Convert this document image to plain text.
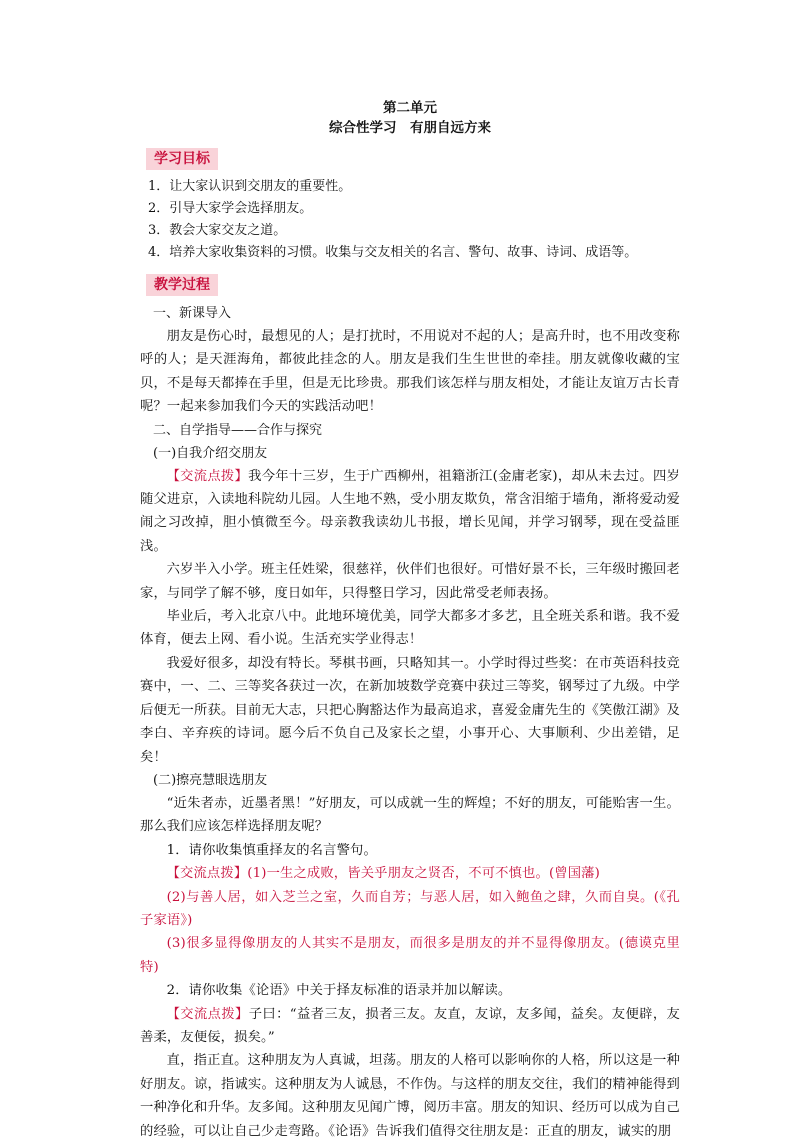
第二单元

综合性学习　有朋自远方来

学习目标

1．让大家认识到交朋友的重要性。

2．引导大家学会选择朋友。

3．教会大家交友之道。

4．培养大家收集资料的习惯。收集与交友相关的名言、警句、故事、诗词、成语等。

教学过程

一、新课导入

朋友是伤心时，最想见的人；是打扰时，不用说对不起的人；是高升时，也不用改变称呼的人；是天涯海角，都彼此挂念的人。朋友是我们生生世世的牵挂。朋友就像收藏的宝贝，不是每天都捧在手里，但是无比珍贵。那我们该怎样与朋友相处，才能让友谊万古长青呢？一起来参加我们今天的实践活动吧！

二、自学指导——合作与探究

(一)自我介绍交朋友

【交流点拨】我今年十三岁，生于广西柳州，祖籍浙江(金庸老家)，却从未去过。四岁随父进京，入读地科院幼儿园。人生地不熟，受小朋友欺负，常含泪缩于墙角，渐将爱动爱闹之习改掉，胆小慎微至今。母亲教我读幼儿书报，增长见闻，并学习钢琴，现在受益匪浅。

六岁半入小学。班主任姓梁，很慈祥，伙伴们也很好。可惜好景不长，三年级时搬回老家，与同学了解不够，度日如年，只得整日学习，因此常受老师表扬。

毕业后，考入北京八中。此地环境优美，同学大都多才多艺，且全班关系和谐。我不爱体育，便去上网、看小说。生活充实学业得志！

我爱好很多，却没有特长。琴棋书画，只略知其一。小学时得过些奖：在市英语科技竞赛中，一、二、三等奖各获过一次，在新加坡数学竞赛中获过三等奖，钢琴过了九级。中学后便无一所获。目前无大志，只把心胸豁达作为最高追求，喜爱金庸先生的《笑傲江湖》及李白、辛弃疾的诗词。愿今后不负自己及家长之望，小事开心、大事顺利、少出差错，足矣！

(二)擦亮慧眼选朋友

“近朱者赤，近墨者黑！”好朋友，可以成就一生的辉煌；不好的朋友，可能贻害一生。那么我们应该怎样选择朋友呢？

1．请你收集慎重择友的名言警句。

【交流点拨】(1)一生之成败，皆关乎朋友之贤否，不可不慎也。(曾国藩)

(2)与善人居，如入芝兰之室，久而自芳；与恶人居，如入鲍鱼之肆，久而自臭。(《孔子家语》)

(3)很多显得像朋友的人其实不是朋友，而很多是朋友的并不显得像朋友。(德谟克里特)

2．请你收集《论语》中关于择友标准的语录并加以解读。

【交流点拨】子曰：“益者三友，损者三友。友直，友谅，友多闻，益矣。友便辟，友善柔，友便佞，损矣。”

直，指正直。这种朋友为人真诚，坦荡。朋友的人格可以影响你的人格，所以这是一种好朋友。谅，指诚实。这种朋友为人诚恳，不作伪。与这样的朋友交往，我们的精神能得到一种净化和升华。友多闻。这种朋友见闻广博，阅历丰富。朋友的知识、经历可以成为自己的经验，可以让自己少走弯路。《论语》告诉我们值得交往朋友是：正直的朋友，诚实的朋
